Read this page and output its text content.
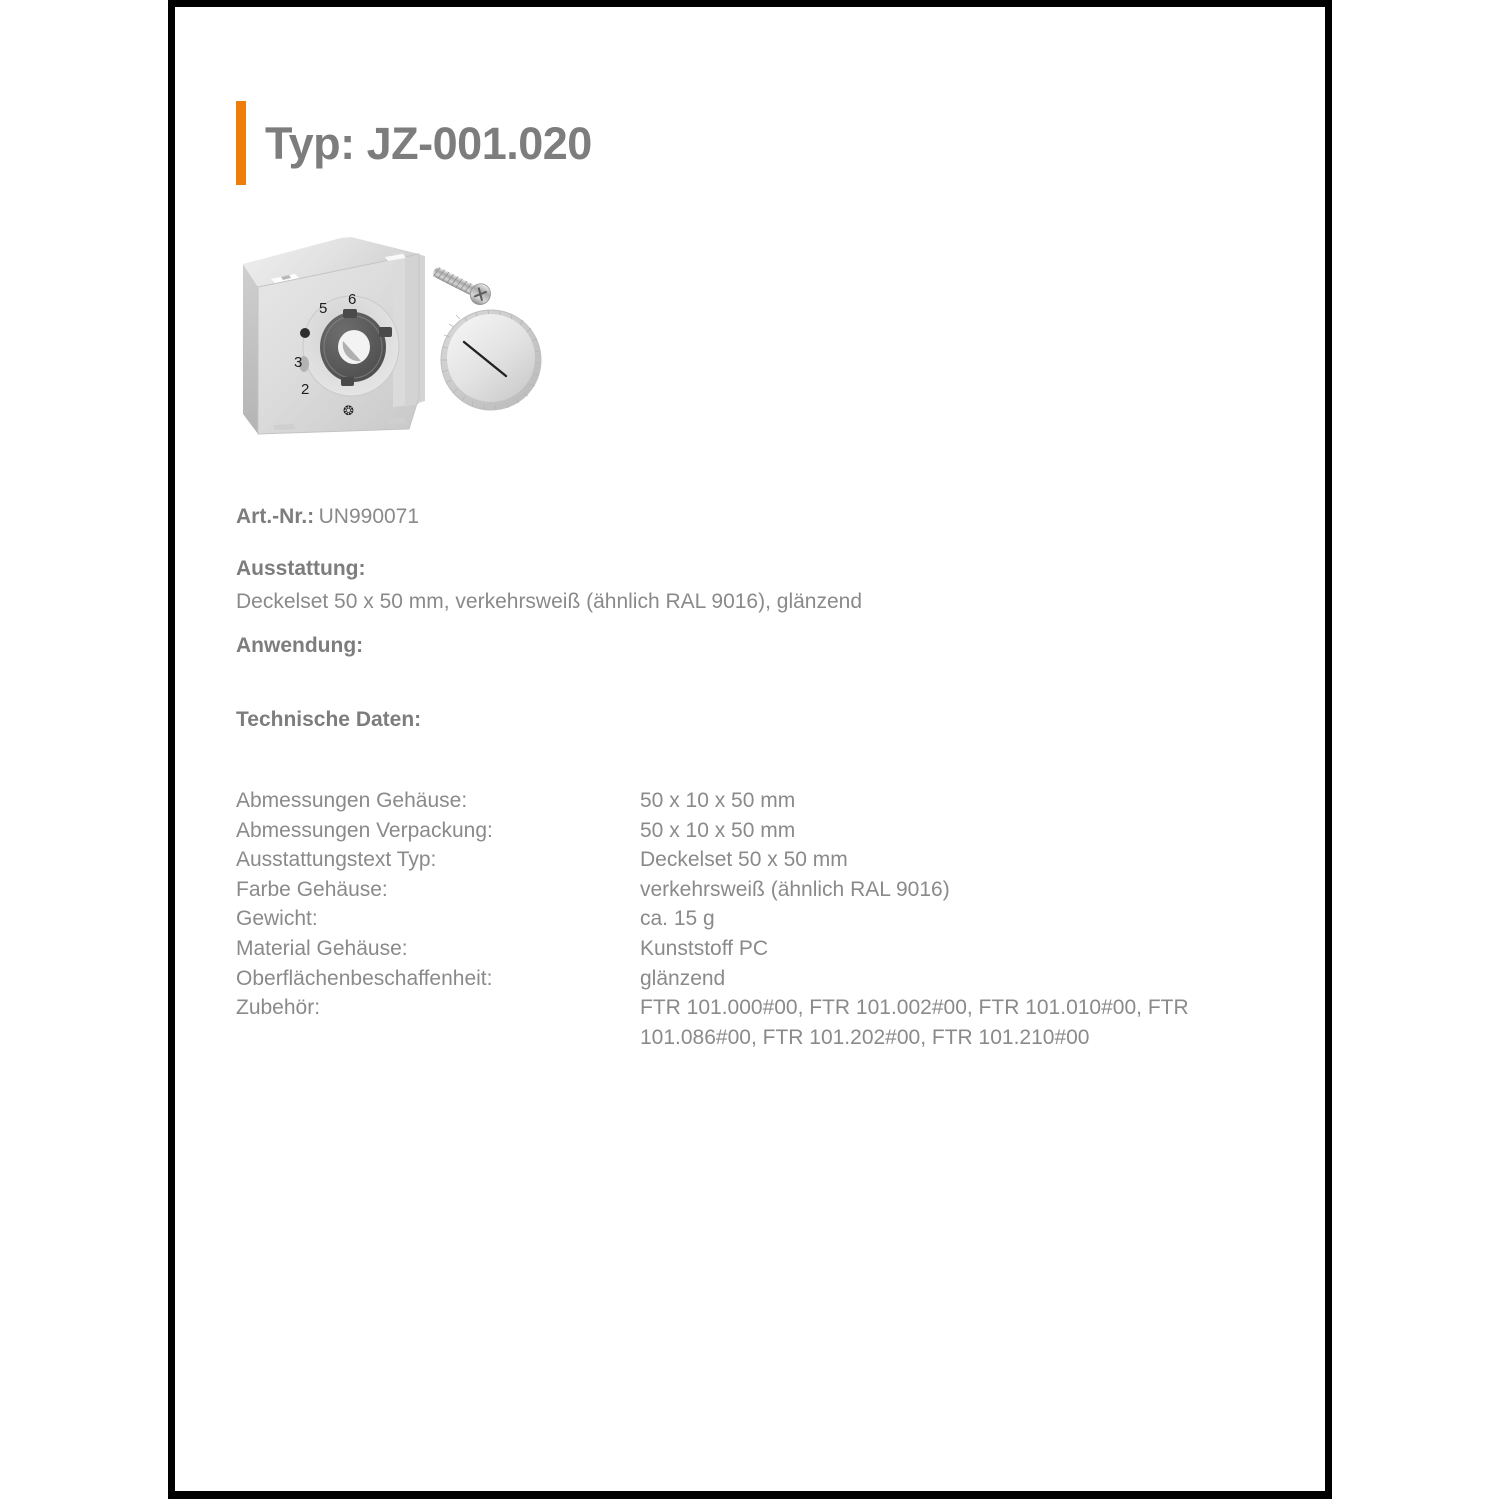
Typ: JZ-001.020
6
5
3
2
❂
Art.-Nr.: UN990071
Ausstattung:
Deckelset 50 x 50 mm, verkehrsweiß (ähnlich RAL 9016), glänzend
Anwendung:
Technische Daten:
Abmessungen Gehäuse:	50 x 10 x 50 mm
Abmessungen Verpackung:	50 x 10 x 50 mm
Ausstattungstext Typ:	Deckelset 50 x 50 mm
Farbe Gehäuse:	verkehrsweiß (ähnlich RAL 9016)
Gewicht:	ca. 15 g
Material Gehäuse:	Kunststoff PC
Oberflächenbeschaffenheit:	glänzend
Zubehör:	FTR 101.000#00, FTR 101.002#00, FTR 101.010#00, FTR 101.086#00, FTR 101.202#00, FTR 101.210#00
